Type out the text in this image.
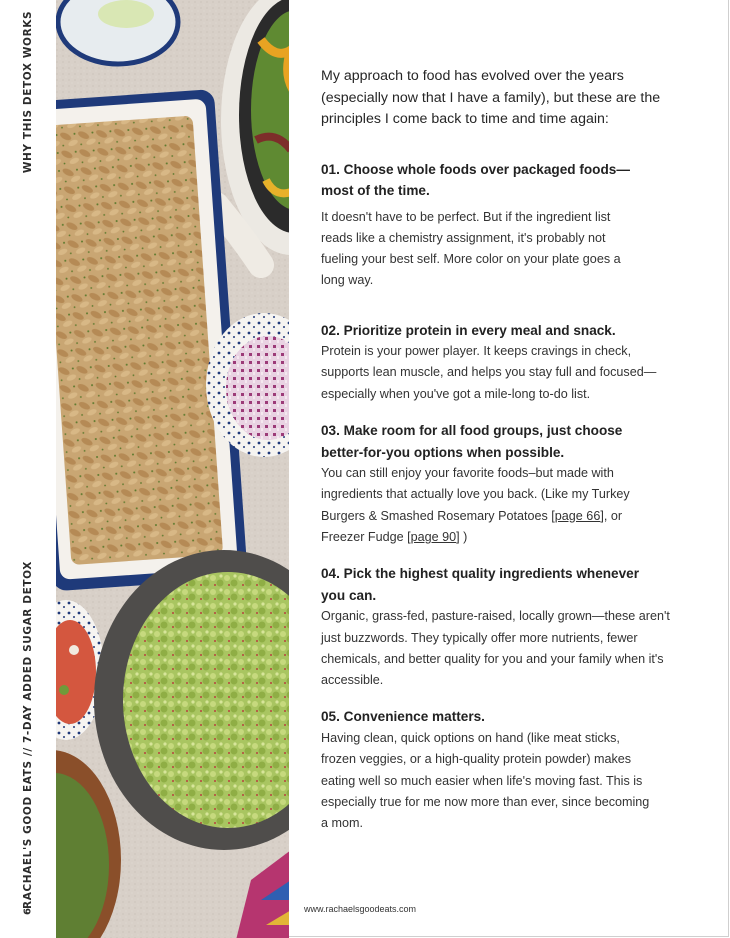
WHY THIS DETOX WORKS
RACHAEL'S GOOD EATS // 7-DAY ADDED SUGAR DETOX
6

My approach to food has evolved over the years (especially now that I have a family), but these are the principles I come back to time and time again:

01. Choose whole foods over packaged foods— most of the time.

It doesn't have to be perfect. But if the ingredient list reads like a chemistry assignment, it's probably not fueling your best self. More color on your plate goes a long way.

02. Prioritize protein in every meal and snack.

Protein is your power player. It keeps cravings in check, supports lean muscle, and helps you stay full and focused— especially when you've got a mile-long to-do list.

03. Make room for all food groups, just choose better-for-you options when possible.

You can still enjoy your favorite foods–but made with ingredients that actually love you back. (Like my Turkey Burgers & Smashed Rosemary Potatoes [page 66], or Freezer Fudge [page 90] )

04. Pick the highest quality ingredients whenever you can.

Organic, grass-fed, pasture-raised, locally grown—these aren't just buzzwords. They typically offer more nutrients, fewer chemicals, and better quality for you and your family when it's accessible.

05. Convenience matters.

Having clean, quick options on hand (like meat sticks, frozen veggies, or a high-quality protein powder) makes eating well so much easier when life's moving fast. This is especially true for me now more than ever, since becoming a mom.

www.rachaelsgoodeats.com
